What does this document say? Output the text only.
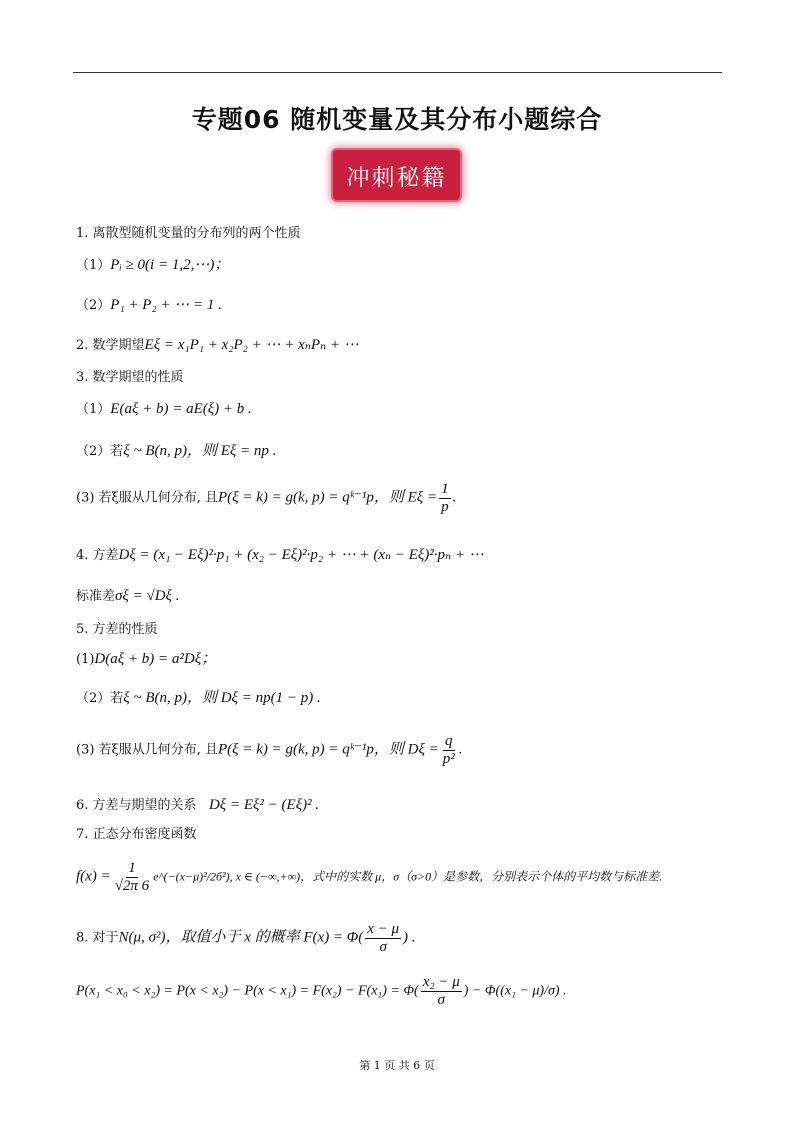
专题06 随机变量及其分布小题综合
冲刺秘籍
1. 离散型随机变量的分布列的两个性质
（1）Pᵢ ≥ 0(i = 1,2,⋯)；
（2）P₁ + P₂ + ⋯ = 1 .
2. 数学期望Eξ = x₁P₁ + x₂P₂ + ⋯ + xₙPₙ + ⋯
3. 数学期望的性质
（1）E(aξ + b) = aE(ξ) + b .
（2）若ξ ~ B(n, p)，则 Eξ = np .
(3) 若ξ服从几何分布, 且P(ξ = k) = g(k, p) = qᵏ⁻¹p，则 $E\xi = \frac{1}{p}$ .
4. 方差Dξ = (x₁ − Eξ)²·p₁ + (x₂ − Eξ)²·p₂ + ⋯ + (xₙ − Eξ)²·pₙ + ⋯
标准差σξ = √Dξ .
5. 方差的性质
(1)D(aξ + b) = a²Dξ；
（2）若ξ ~ B(n, p)，则 Dξ = np(1 − p) .
(3) 若ξ服从几何分布, 且P(ξ = k) = g(k, p) = qᵏ⁻¹p，则 $D\xi = \frac{q}{\text{p²}}$ .
6. 方差与期望的关系 Dξ = Eξ² − (Eξ)² .
7. 正态分布密度函数
$f(x) = \frac{1}{√2\pi 6}$ e^(−(x−μ)²/2б²), x ∈ (−∞,+∞)，式中的实数 μ，σ（σ>0）是参数，分别表示个体的平均数与标准差.
8. 对于N(μ, σ²)，取值小于 x 的概率 $F(x) = \Phi( \frac{x - \mu}{\sigma}$ ) .
$P(x_1 < x_0 < x_2) = P(x < x_2) - P(x < x_1) = F(x_2) - F(x_1) = \Phi( \frac{\text{x₂ − μ}}{\sigma}$ ) − Φ((x₁ − μ)/σ) .
第 1 页 共 6 页
